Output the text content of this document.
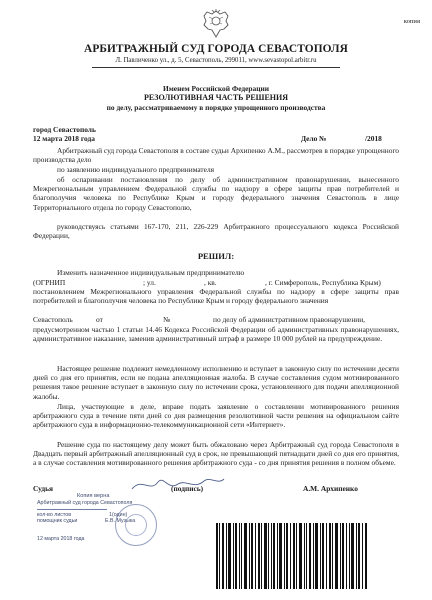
копия
АРБИТРАЖНЫЙ СУД ГОРОДА СЕВАСТОПОЛЯ
Л. Павличенко ул., д. 5, Севастополь, 299011, www.sevastopol.arbitr.ru
Именем Российской Федерации
РЕЗОЛЮТИВНАЯ ЧАСТЬ РЕШЕНИЯ
по делу, рассматриваемому в порядке упрощенного производства
город Севастополь
12 марта 2018 года	Дело №	/2018
Арбитражный суд города Севастополя в составе судьи Архипенко А.М., рассмотрев в порядке упрощенного производства дело
по заявлению индивидуального предпринимателя
об оспаривании постановления по делу об административном правонарушении, вынесенного Межрегиональным управлением Федеральной службы по надзору в сфере защиты прав потребителей и благополучия человека по Республике Крым и городу федерального значения Севастополь в лице Территориального отдела по городу Севастополю,
руководствуясь статьями 167-170, 211, 226-229 Арбитражного процессуального кодекса Российской Федерации,
РЕШИЛ:
Изменить назначенное индивидуальным предпринимателю
(ОГРНИП	; ул.	, кв.	, г. Симферополь, Республика Крым)
постановлением Межрегионального управления Федеральной службы по надзору в сфере защиты прав потребителей и благополучия человека по Республике Крым и городу федерального значения
Севастополь	от	№	по делу об административном правонарушении,
предусмотренном частью 1 статьи 14.46 Кодекса Российской Федерации об административных правонарушениях, административное наказание, заменив административный штраф в размере 10 000 рублей на предупреждение.
Настоящее решение подлежит немедленному исполнению и вступает в законную силу по истечении десяти дней со дня его принятия, если не подана апелляционная жалоба. В случае составления судом мотивированного решения такое решение вступает в законную силу по истечении срока, установленного для подачи апелляционной жалобы.
Лица, участвующие в деле, вправе подать заявление о составлении мотивированного решения арбитражного суда в течение пяти дней со дня размещения резолютивной части решения на официальном сайте арбитражного суда в информационно-телекоммуникационной сети «Интернет».
Решение суда по настоящему делу может быть обжаловано через Арбитражный суд города Севастополя в Двадцать первый арбитражный апелляционный суд в срок, не превышающий пятнадцати дней со дня его принятия, а в случае составления мотивированного решения арбитражного суда - со дня принятия решения в полном объеме.
Судья	(подпись)	А.М. Архипенко
Копия верна
Арбитражный суд города Севастополя
кол-во листов	1(один)
помощник судьи	Е.В. Музыка
12 марта 2018 года
